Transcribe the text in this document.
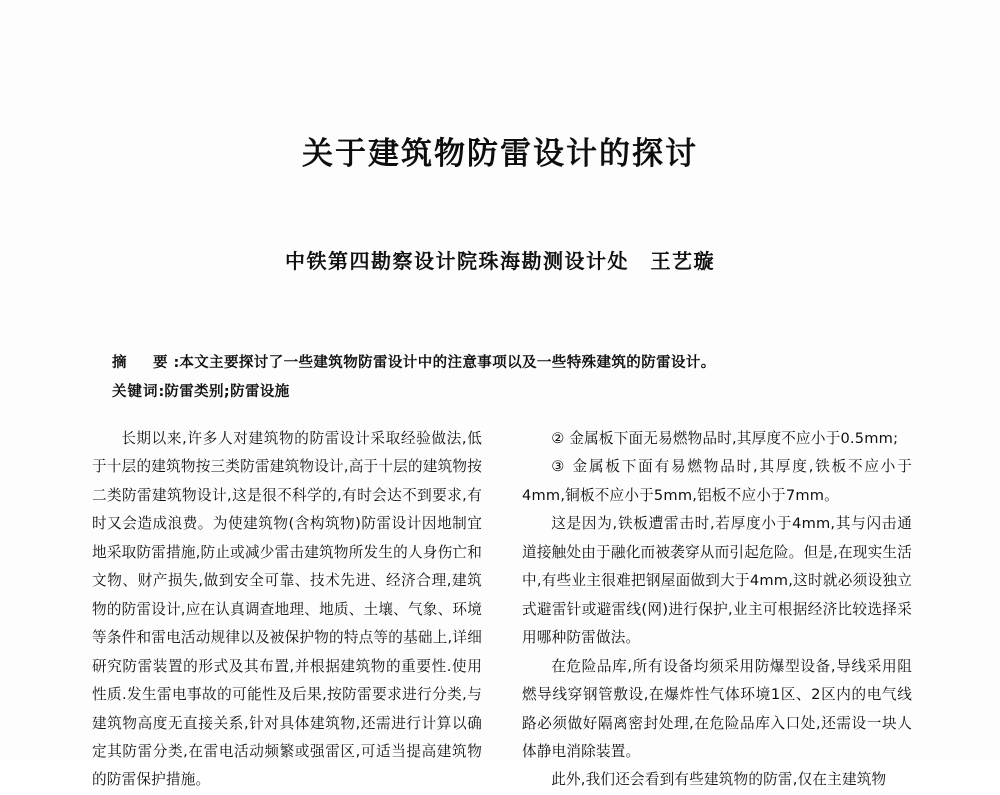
关于建筑物防雷设计的探讨
中铁第四勘察设计院珠海勘测设计处　王艺璇
摘　要:本文主要探讨了一些建筑物防雷设计中的注意事项以及一些特殊建筑的防雷设计。
关键词:防雷类别;防雷设施

长期以来,许多人对建筑物的防雷设计采取经验做法,低于十层的建筑物按三类防雷建筑物设计,高于十层的建筑物按二类防雷建筑物设计,这是很不科学的,有时会达不到要求,有时又会造成浪费。为使建筑物(含构筑物)防雷设计因地制宜地采取防雷措施,防止或减少雷击建筑物所发生的人身伤亡和文物、财产损失,做到安全可靠、技术先进、经济合理,建筑物的防雷设计,应在认真调查地理、地质、土壤、气象、环境等条件和雷电活动规律以及被保护物的特点等的基础上,详细研究防雷装置的形式及其布置,并根据建筑物的重要性.使用性质.发生雷电事故的可能性及后果,按防雷要求进行分类,与建筑物高度无直接关系,针对具体建筑物,还需进行计算以确定其防雷分类,在雷电活动频繁或强雷区,可适当提高建筑物的防雷保护措施。

② 金属板下面无易燃物品时,其厚度不应小于0.5mm;

③ 金属板下面有易燃物品时,其厚度,铁板不应小于4mm,铜板不应小于5mm,铝板不应小于7mm。

这是因为,铁板遭雷击时,若厚度小于4mm,其与闪击通道接触处由于融化而被袭穿从而引起危险。但是,在现实生活中,有些业主很难把钢屋面做到大于4mm,这时就必须设独立式避雷针或避雷线(网)进行保护,业主可根据经济比较选择采用哪种防雷做法。

在危险品库,所有设备均须采用防爆型设备,导线采用阻燃导线穿钢管敷设,在爆炸性气体环境1区、2区内的电气线路必须做好隔离密封处理,在危险品库入口处,还需设一块人体静电消除装置。

此外,我们还会看到有些建筑物的防雷,仅在主建筑物
